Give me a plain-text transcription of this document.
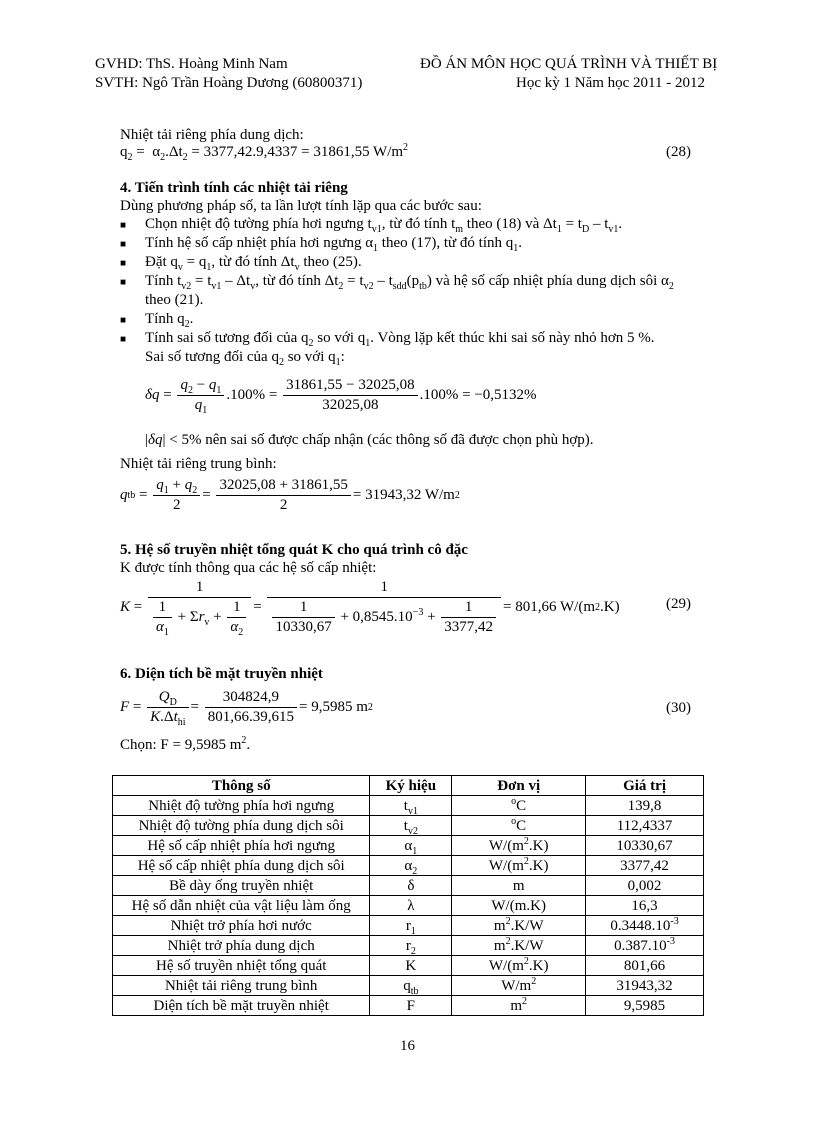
GVHD: ThS. Hoàng Minh Nam
SVTH: Ngô Trần Hoàng Dương (60800371)
ĐỒ ÁN MÔN HỌC QUÁ TRÌNH VÀ THIẾT BỊ
Học kỳ 1 Năm học 2011 - 2012
Nhiệt tải riêng phía dung dịch:
$q_2 = \alpha_2.\Delta t_2 = 3377,42.9,4337 = 31861,55$ $W/m^2$	(28)
4. Tiến trình tính các nhiệt tải riêng
Dùng phương pháp số, ta lần lượt tính lặp qua các bước sau:
■ Chọn nhiệt độ tường phía hơi ngưng $t_{v1}$, từ đó tính $t_m$ theo (18) và $\Delta t_1 = t_D - t_{v1}$.
■ Tính hệ số cấp nhiệt phía hơi ngưng $\alpha_1$ theo (17), từ đó tính $q_1$.
■ Đặt $q_v = q_1$, từ đó tính $\Delta t_v$ theo (25).
■ Tính $t_{v2} = t_{v1} - \Delta t_v$, từ đó tính $\Delta t_2 = t_{v2} - t_{sdd}(p_{tb})$ và hệ số cấp nhiệt phía dung dịch sôi $\alpha_2$
theo (21).
■ Tính $q_2$.
■ Tính sai số tương đối của $q_2$ so với $q_1$. Vòng lặp kết thúc khi sai số này nhỏ hơn 5 %.
Sai số tương đối của $q_2$ so với $q_1$:
$\delta q = \frac{q_2 - q_1}{q_1} .100\% = \frac{31861,55 - 32025,08}{32025,08} .100\% = -0,5132\%$
|δq| < 5% nên sai số được chấp nhận (các thông số đã được chọn phù hợp).
Nhiệt tải riêng trung bình:
q tb = $\frac{q_1 + q_2}{2} = \frac{32025,08 + 31861,55}{2} = 31943,32$ W/m 2
5. Hệ số truyền nhiệt tổng quát K cho quá trình cô đặc
K được tính thông qua các hệ số cấp nhiệt:
$K = \frac{1}{\frac{1}{\alpha_1} + \Sigma r_v + \frac{1}{\alpha_2}} = \frac{1}{\frac{1}{10330,67} + 0,8545.10^{-3} + \frac{1}{3377,42}} = 801,66$ W/(m 2 .K)	(29)
6. Diện tích bề mặt truyền nhiệt
$F = \frac{Q_D}{K.\Delta t_{hi}} = \frac{304824,9}{801,66.39,615} = 9,5985$ m 2	(30)
Chọn: F = 9,5985 $m^2$.
Thông số	Ký hiệu	Đơn vị	Giá trị
Nhiệt độ tường phía hơi ngưng	$t_{v1}$	$^o$C	139,8
Nhiệt độ tường phía dung dịch sôi	$t_{v2}$	$^o$C	112,4337
Hệ số cấp nhiệt phía hơi ngưng	$\alpha_1$	$W/(m^2.K)$	10330,67
Hệ số cấp nhiệt phía dung dịch sôi	$\alpha_2$	$W/(m^2.K)$	3377,42
Bề dày ống truyền nhiệt	δ	m	0,002
Hệ số dẫn nhiệt của vật liệu làm ống	λ	W/(m.K)	16,3
Nhiệt trở phía hơi nước	$r_1$	$m^2.K/W$	$0.3448.10^{-3}$
Nhiệt trở phía dung dịch	$r_2$	$m^2.K/W$	$0.387.10^{-3}$
Hệ số truyền nhiệt tổng quát	K	$W/(m^2.K)$	801,66
Nhiệt tải riêng trung bình	$q_{tb}$	$W/m^2$	31943,32
Diện tích bề mặt truyền nhiệt	F	$m^2$	9,5985
16
